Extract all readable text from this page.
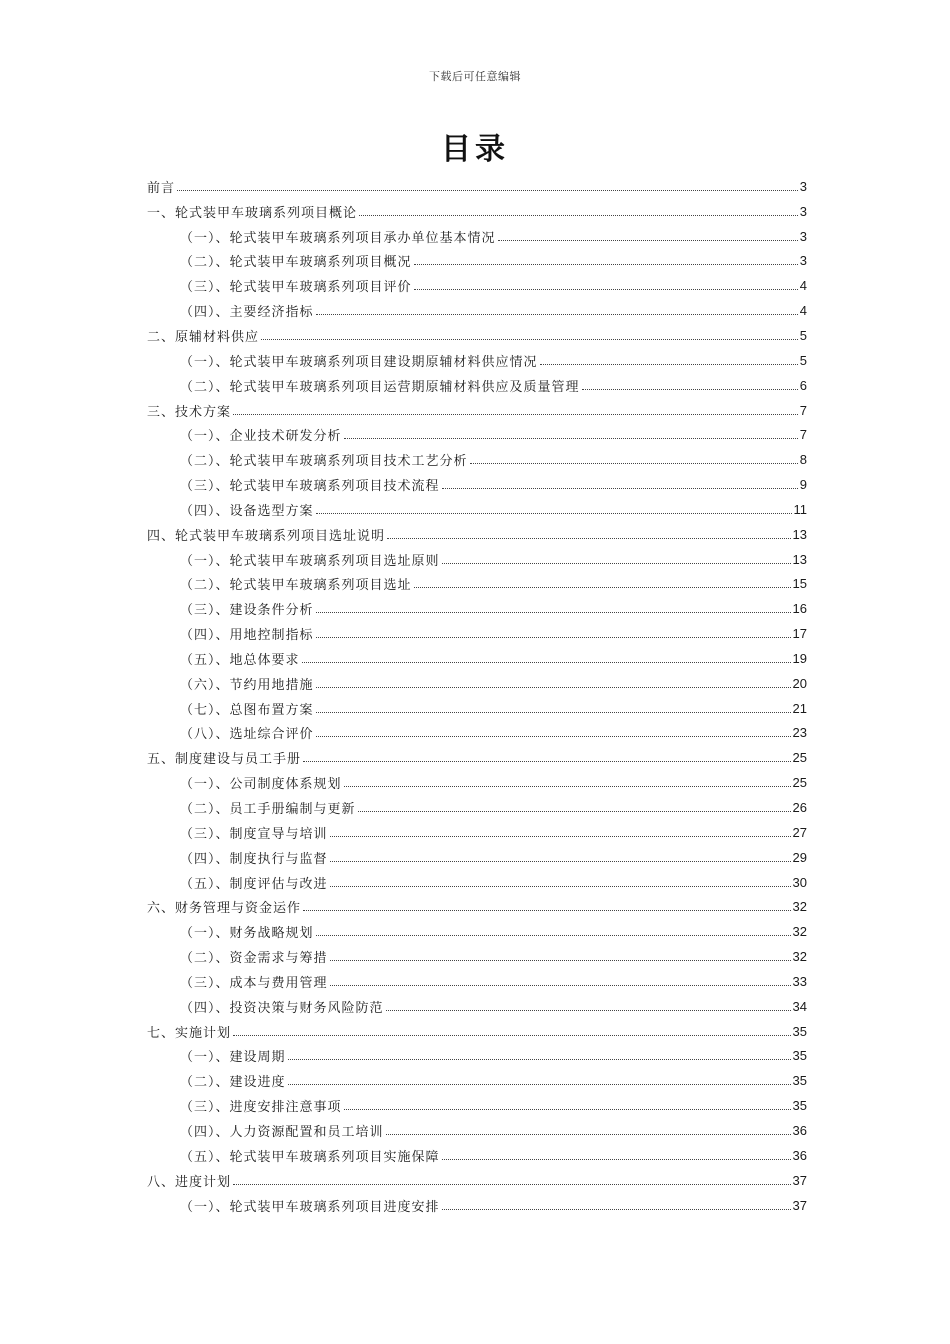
下载后可任意编辑
目录
前言	3
一、轮式装甲车玻璃系列项目概论	3
（一）、轮式装甲车玻璃系列项目承办单位基本情况	3
（二）、轮式装甲车玻璃系列项目概况	3
（三）、轮式装甲车玻璃系列项目评价	4
（四）、主要经济指标	4
二、原辅材料供应	5
（一）、轮式装甲车玻璃系列项目建设期原辅材料供应情况	5
（二）、轮式装甲车玻璃系列项目运营期原辅材料供应及质量管理	6
三、技术方案	7
（一）、企业技术研发分析	7
（二）、轮式装甲车玻璃系列项目技术工艺分析	8
（三）、轮式装甲车玻璃系列项目技术流程	9
（四）、设备选型方案	11
四、轮式装甲车玻璃系列项目选址说明	13
（一）、轮式装甲车玻璃系列项目选址原则	13
（二）、轮式装甲车玻璃系列项目选址	15
（三）、建设条件分析	16
（四）、用地控制指标	17
（五）、地总体要求	19
（六）、节约用地措施	20
（七）、总图布置方案	21
（八）、选址综合评价	23
五、制度建设与员工手册	25
（一）、公司制度体系规划	25
（二）、员工手册编制与更新	26
（三）、制度宣导与培训	27
（四）、制度执行与监督	29
（五）、制度评估与改进	30
六、财务管理与资金运作	32
（一）、财务战略规划	32
（二）、资金需求与筹措	32
（三）、成本与费用管理	33
（四）、投资决策与财务风险防范	34
七、实施计划	35
（一）、建设周期	35
（二）、建设进度	35
（三）、进度安排注意事项	35
（四）、人力资源配置和员工培训	36
（五）、轮式装甲车玻璃系列项目实施保障	36
八、进度计划	37
（一）、轮式装甲车玻璃系列项目进度安排	37
